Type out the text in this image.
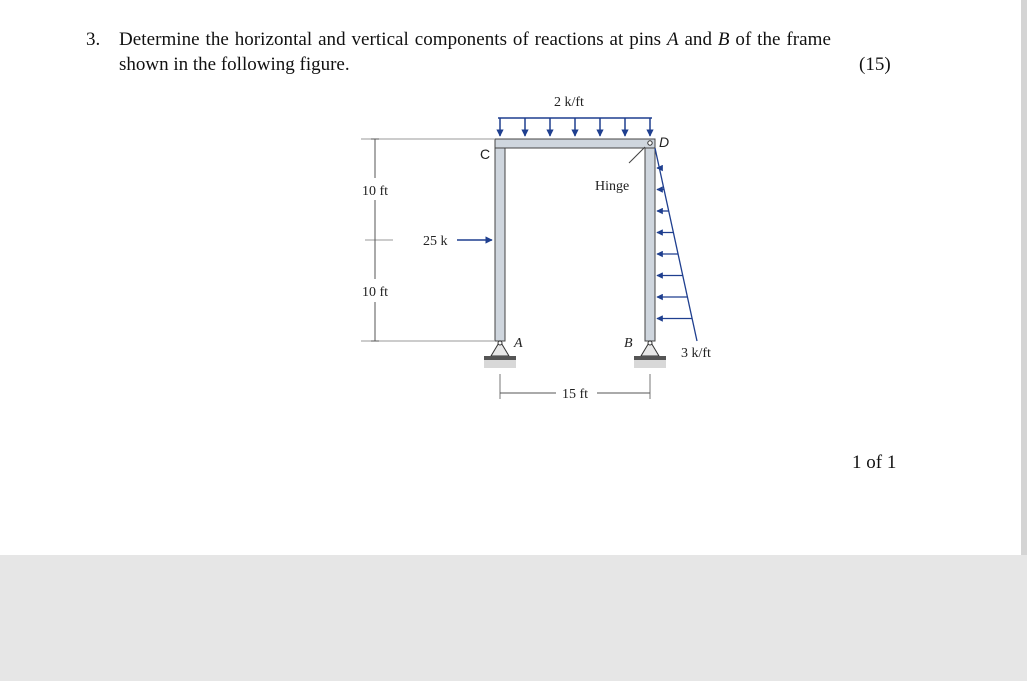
3. Determine the horizontal and vertical components of reactions at pins A and B of the frame
shown in the following figure.	(15)
2 k/ft
C
D
Hinge
10 ft
10 ft
25 k
3 k/ft
A	B
15 ft
1 of 1
